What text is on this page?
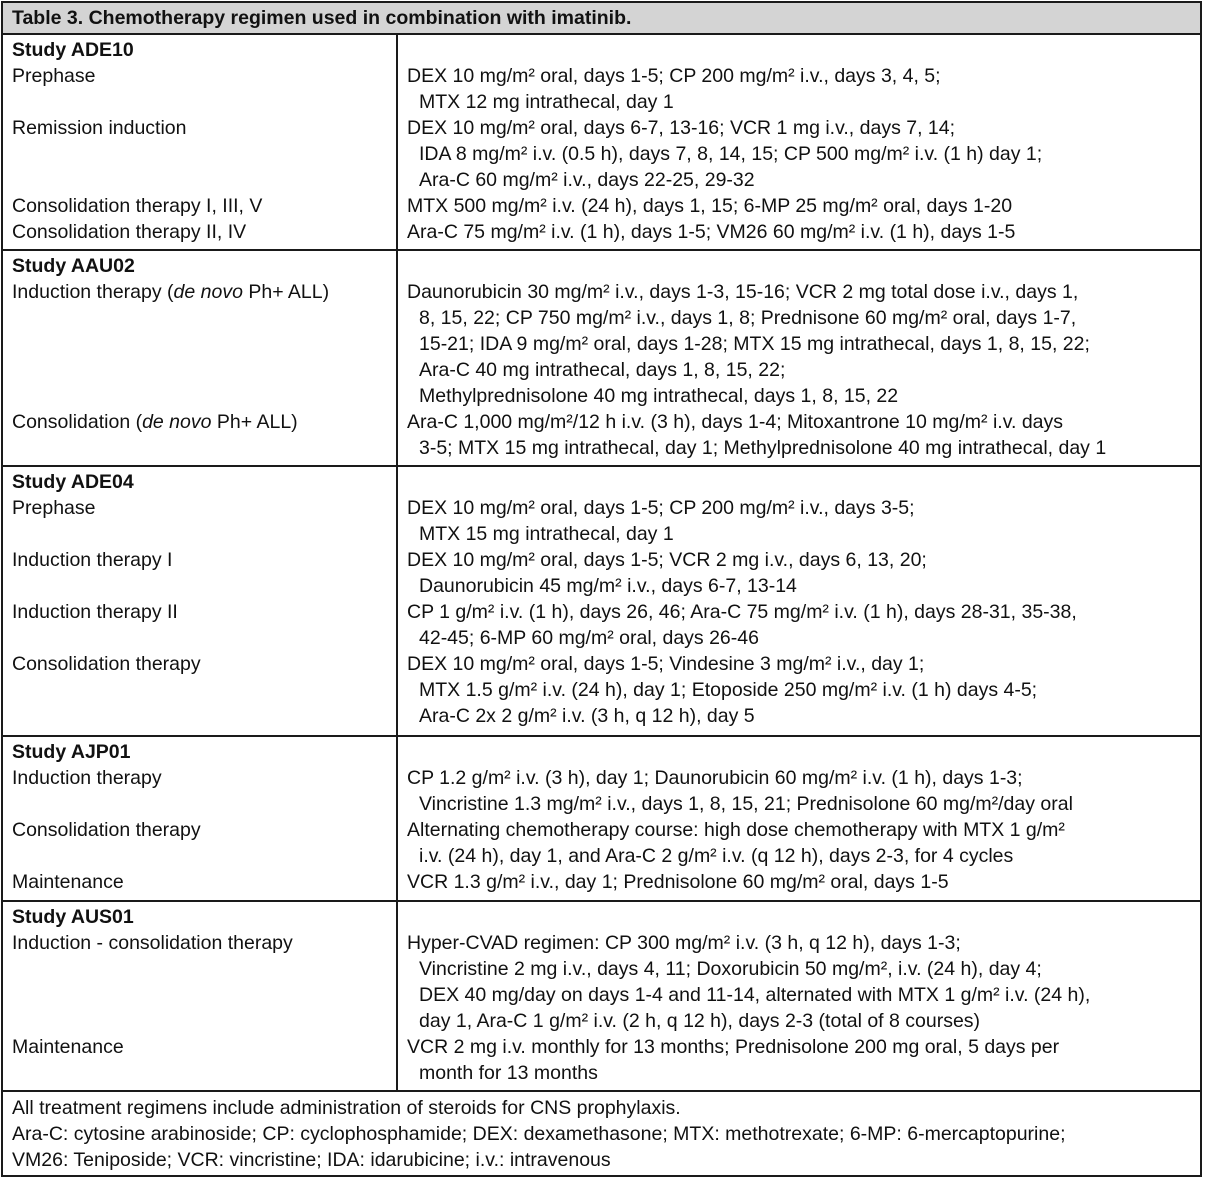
Table 3. Chemotherapy regimen used in combination with imatinib.
Study ADE10
Prephase
Remission induction
Consolidation therapy I, III, V
Consolidation therapy II, IV
DEX 10 mg/m² oral, days 1-5; CP 200 mg/m² i.v., days 3, 4, 5;
MTX 12 mg intrathecal, day 1
DEX 10 mg/m² oral, days 6-7, 13-16; VCR 1 mg i.v., days 7, 14;
IDA 8 mg/m² i.v. (0.5 h), days 7, 8, 14, 15; CP 500 mg/m² i.v. (1 h) day 1;
Ara-C 60 mg/m² i.v., days 22-25, 29-32
MTX 500 mg/m² i.v. (24 h), days 1, 15; 6-MP 25 mg/m² oral, days 1-20
Ara-C 75 mg/m² i.v. (1 h), days 1-5; VM26 60 mg/m² i.v. (1 h), days 1-5
Study AAU02
Induction therapy (de novo Ph+ ALL)
Consolidation (de novo Ph+ ALL)
Daunorubicin 30 mg/m² i.v., days 1-3, 15-16; VCR 2 mg total dose i.v., days 1,
8, 15, 22; CP 750 mg/m² i.v., days 1, 8; Prednisone 60 mg/m² oral, days 1-7,
15-21; IDA 9 mg/m² oral, days 1-28; MTX 15 mg intrathecal, days 1, 8, 15, 22;
Ara-C 40 mg intrathecal, days 1, 8, 15, 22;
Methylprednisolone 40 mg intrathecal, days 1, 8, 15, 22
Ara-C 1,000 mg/m²/12 h i.v. (3 h), days 1-4; Mitoxantrone 10 mg/m² i.v. days
3-5; MTX 15 mg intrathecal, day 1; Methylprednisolone 40 mg intrathecal, day 1
Study ADE04
Prephase
Induction therapy I
Induction therapy II
Consolidation therapy
DEX 10 mg/m² oral, days 1-5; CP 200 mg/m² i.v., days 3-5;
MTX 15 mg intrathecal, day 1
DEX 10 mg/m² oral, days 1-5; VCR 2 mg i.v., days 6, 13, 20;
Daunorubicin 45 mg/m² i.v., days 6-7, 13-14
CP 1 g/m² i.v. (1 h), days 26, 46; Ara-C 75 mg/m² i.v. (1 h), days 28-31, 35-38,
42-45; 6-MP 60 mg/m² oral, days 26-46
DEX 10 mg/m² oral, days 1-5; Vindesine 3 mg/m² i.v., day 1;
MTX 1.5 g/m² i.v. (24 h), day 1; Etoposide 250 mg/m² i.v. (1 h) days 4-5;
Ara-C 2x 2 g/m² i.v. (3 h, q 12 h), day 5
Study AJP01
Induction therapy
Consolidation therapy
Maintenance
CP 1.2 g/m² i.v. (3 h), day 1; Daunorubicin 60 mg/m² i.v. (1 h), days 1-3;
Vincristine 1.3 mg/m² i.v., days 1, 8, 15, 21; Prednisolone 60 mg/m²/day oral
Alternating chemotherapy course: high dose chemotherapy with MTX 1 g/m²
i.v. (24 h), day 1, and Ara-C 2 g/m² i.v. (q 12 h), days 2-3, for 4 cycles
VCR 1.3 g/m² i.v., day 1; Prednisolone 60 mg/m² oral, days 1-5
Study AUS01
Induction - consolidation therapy
Maintenance
Hyper-CVAD regimen: CP 300 mg/m² i.v. (3 h, q 12 h), days 1-3;
Vincristine 2 mg i.v., days 4, 11; Doxorubicin 50 mg/m², i.v. (24 h), day 4;
DEX 40 mg/day on days 1-4 and 11-14, alternated with MTX 1 g/m² i.v. (24 h),
day 1, Ara-C 1 g/m² i.v. (2 h, q 12 h), days 2-3 (total of 8 courses)
VCR 2 mg i.v. monthly for 13 months; Prednisolone 200 mg oral, 5 days per
month for 13 months
All treatment regimens include administration of steroids for CNS prophylaxis.
Ara-C: cytosine arabinoside; CP: cyclophosphamide; DEX: dexamethasone; MTX: methotrexate; 6-MP: 6-mercaptopurine;
VM26: Teniposide; VCR: vincristine; IDA: idarubicine; i.v.: intravenous
